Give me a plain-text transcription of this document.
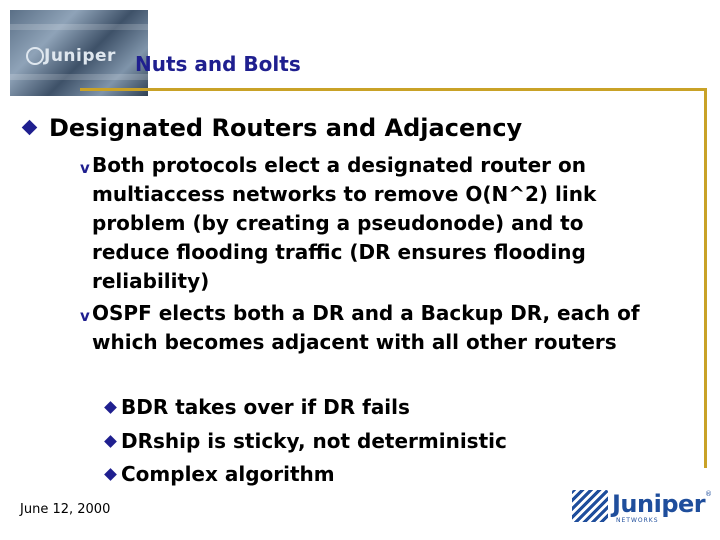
Juniper Nuts and Bolts
Designated Routers and Adjacency
v Both protocols elect a designated router on multiaccess networks to remove O(N^2) link problem (by creating a pseudonode) and to reduce flooding traffic (DR ensures flooding reliability)
v OSPF elects both a DR and a Backup DR, each of which becomes adjacent with all other routers
BDR takes over if DR fails
DRship is sticky, not deterministic
Complex algorithm
June 12, 2000	Juniper
NETWORKS
®
